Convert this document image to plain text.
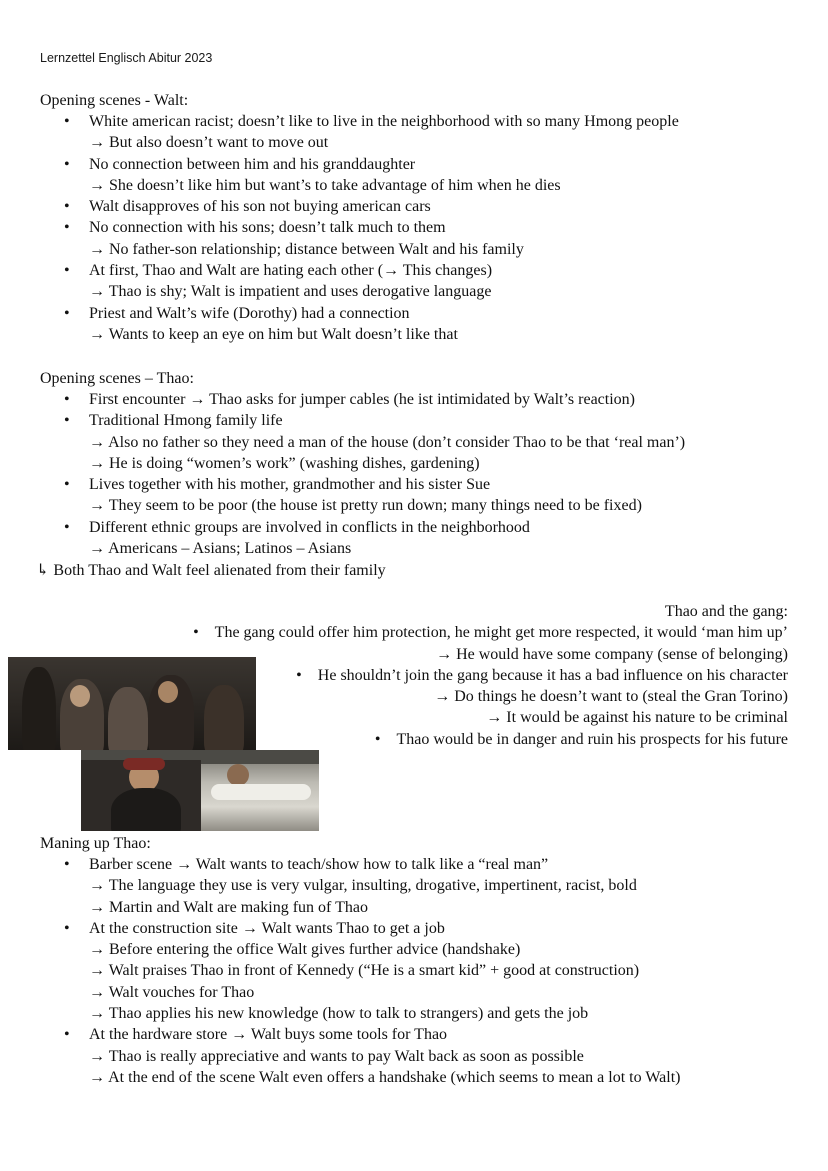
Lernzettel Englisch Abitur 2023
Opening scenes - Walt:
• White american racist; doesn’t like to live in the neighborhood with so many Hmong people
→ But also doesn’t want to move out
• No connection between him and his granddaughter
→ She doesn’t like him but want’s to take advantage of him when he dies
• Walt disapproves of his son not buying american cars
• No connection with his sons; doesn’t talk much to them
→ No father-son relationship; distance between Walt and his family
• At first, Thao and Walt are hating each other (→ This changes)
→ Thao is shy; Walt is impatient and uses derogative language
• Priest and Walt’s wife (Dorothy) had a connection
→ Wants to keep an eye on him but Walt doesn’t like that
Opening scenes – Thao:
• First encounter → Thao asks for jumper cables (he ist intimidated by Walt’s reaction)
• Traditional Hmong family life
→ Also no father so they need a man of the house (don’t consider Thao to be that ‘real man’)
→ He is doing “women’s work” (washing dishes, gardening)
• Lives together with his mother, grandmother and his sister Sue
→ They seem to be poor (the house ist pretty run down; many things need to be fixed)
• Different ethnic groups are involved in conflicts in the neighborhood
→ Americans – Asians; Latinos – Asians
↳ Both Thao and Walt feel alienated from their family
Thao and the gang:
• The gang could offer him protection, he might get more respected, it would ‘man him up’
→ He would have some company (sense of belonging)
• He shouldn’t join the gang because it has a bad influence on his character
→ Do things he doesn’t want to (steal the Gran Torino)
→ It would be against his nature to be criminal
• Thao would be in danger and ruin his prospects for his future
Maning up Thao:
• Barber scene → Walt wants to teach/show how to talk like a “real man”
→ The language they use is very vulgar, insulting, drogative, impertinent, racist, bold
→ Martin and Walt are making fun of Thao
• At the construction site → Walt wants Thao to get a job
→ Before entering the office Walt gives further advice (handshake)
→ Walt praises Thao in front of Kennedy (“He is a smart kid” + good at construction)
→ Walt vouches for Thao
→ Thao applies his new knowledge (how to talk to strangers) and gets the job
• At the hardware store → Walt buys some tools for Thao
→ Thao is really appreciative and wants to pay Walt back as soon as possible
→ At the end of the scene Walt even offers a handshake (which seems to mean a lot to Walt)
